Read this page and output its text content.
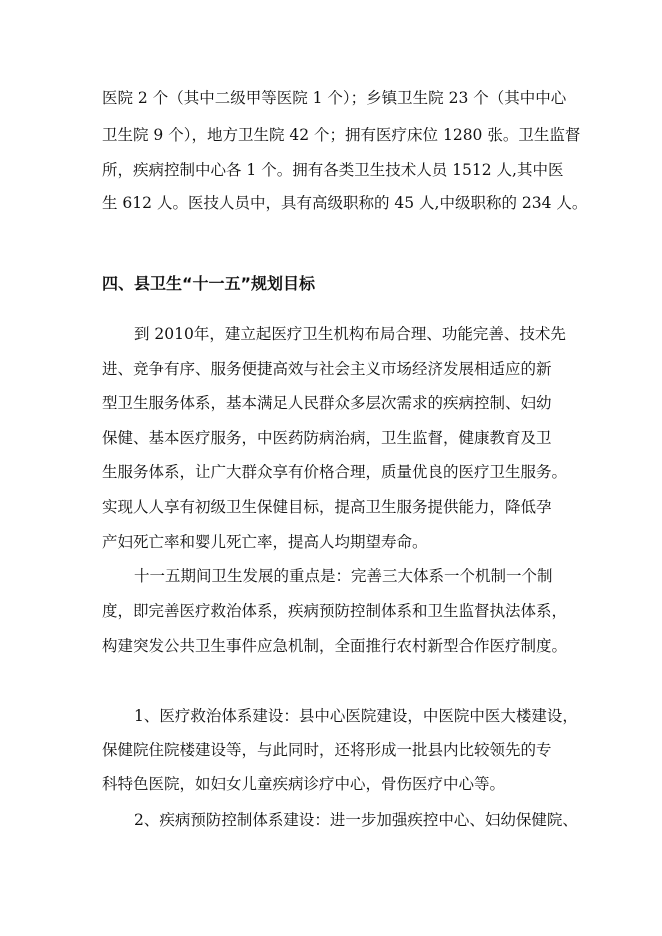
医院 2 个（其中二级甲等医院 1 个）；乡镇卫生院 23 个（其中中心
卫生院 9 个），地方卫生院 42 个；拥有医疗床位 1280 张。卫生监督
所，疾病控制中心各 1 个。拥有各类卫生技术人员 1512 人,其中医
生 612 人。医技人员中，具有高级职称的 45 人,中级职称的 234 人。
四、县卫生“十一五”规划目标
到 2010年，建立起医疗卫生机构布局合理、功能完善、技术先
进、竞争有序、服务便捷高效与社会主义市场经济发展相适应的新
型卫生服务体系，基本满足人民群众多层次需求的疾病控制、妇幼
保健、基本医疗服务，中医药防病治病，卫生监督，健康教育及卫
生服务体系，让广大群众享有价格合理，质量优良的医疗卫生服务。
实现人人享有初级卫生保健目标，提高卫生服务提供能力，降低孕
产妇死亡率和婴儿死亡率，提高人均期望寿命。
十一五期间卫生发展的重点是：完善三大体系一个机制一个制
度，即完善医疗救治体系，疾病预防控制体系和卫生监督执法体系，
构建突发公共卫生事件应急机制，全面推行农村新型合作医疗制度。
1、医疗救治体系建设：县中心医院建设，中医院中医大楼建设，
保健院住院楼建设等，与此同时，还将形成一批县内比较领先的专
科特色医院，如妇女儿童疾病诊疗中心，骨伤医疗中心等。
2、疾病预防控制体系建设：进一步加强疾控中心、妇幼保健院、
